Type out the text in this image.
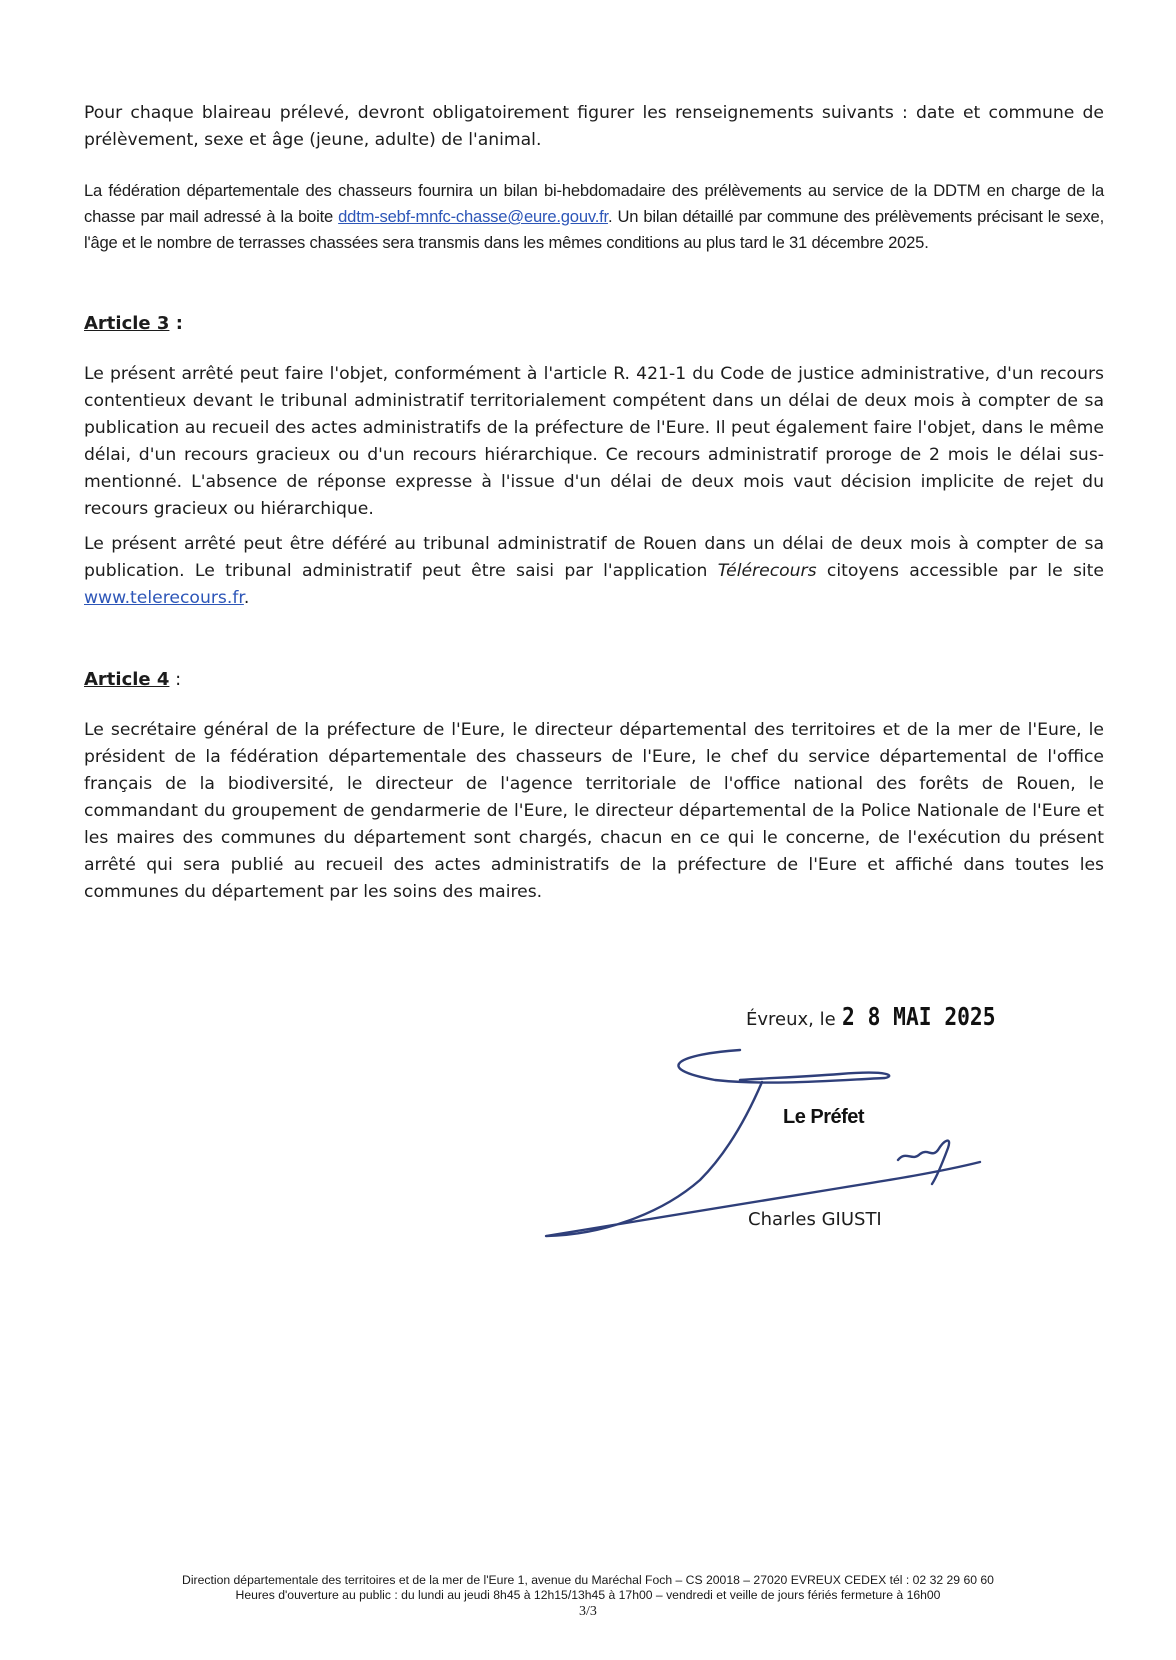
Pour chaque blaireau prélevé, devront obligatoirement figurer les renseignements suivants : date et commune de prélèvement, sexe et âge (jeune, adulte) de l'animal.

La fédération départementale des chasseurs fournira un bilan bi-hebdomadaire des prélèvements au service de la DDTM en charge de la chasse par mail adressé à la boite ddtm-sebf-mnfc-chasse@eure.gouv.fr. Un bilan détaillé par commune des prélèvements précisant le sexe, l'âge et le nombre de terrasses chassées sera transmis dans les mêmes conditions au plus tard le 31 décembre 2025.

Article 3 :

Le présent arrêté peut faire l'objet, conformément à l'article R. 421-1 du Code de justice administrative, d'un recours contentieux devant le tribunal administratif territorialement compétent dans un délai de deux mois à compter de sa publication au recueil des actes administratifs de la préfecture de l'Eure. Il peut également faire l'objet, dans le même délai, d'un recours gracieux ou d'un recours hiérarchique. Ce recours administratif proroge de 2 mois le délai sus-mentionné. L'absence de réponse expresse à l'issue d'un délai de deux mois vaut décision implicite de rejet du recours gracieux ou hiérarchique.

Le présent arrêté peut être déféré au tribunal administratif de Rouen dans un délai de deux mois à compter de sa publication. Le tribunal administratif peut être saisi par l'application Télérecours citoyens accessible par le site www.telerecours.fr.

Article 4 :

Le secrétaire général de la préfecture de l'Eure, le directeur départemental des territoires et de la mer de l'Eure, le président de la fédération départementale des chasseurs de l'Eure, le chef du service départemental de l'office français de la biodiversité, le directeur de l'agence territoriale de l'office national des forêts de Rouen, le commandant du groupement de gendarmerie de l'Eure, le directeur départemental de la Police Nationale de l'Eure et les maires des communes du département sont chargés, chacun en ce qui le concerne, de l'exécution du présent arrêté qui sera publié au recueil des actes administratifs de la préfecture de l'Eure et affiché dans toutes les communes du département par les soins des maires.

Évreux, le 2 8 MAI 2025
Le Préfet
Charles GIUSTI
Direction départementale des territoires et de la mer de l'Eure 1, avenue du Maréchal Foch – CS 20018 – 27020 EVREUX CEDEX tél : 02 32 29 60 60
Heures d'ouverture au public : du lundi au jeudi 8h45 à 12h15/13h45 à 17h00 – vendredi et veille de jours fériés fermeture à 16h00
3/3
